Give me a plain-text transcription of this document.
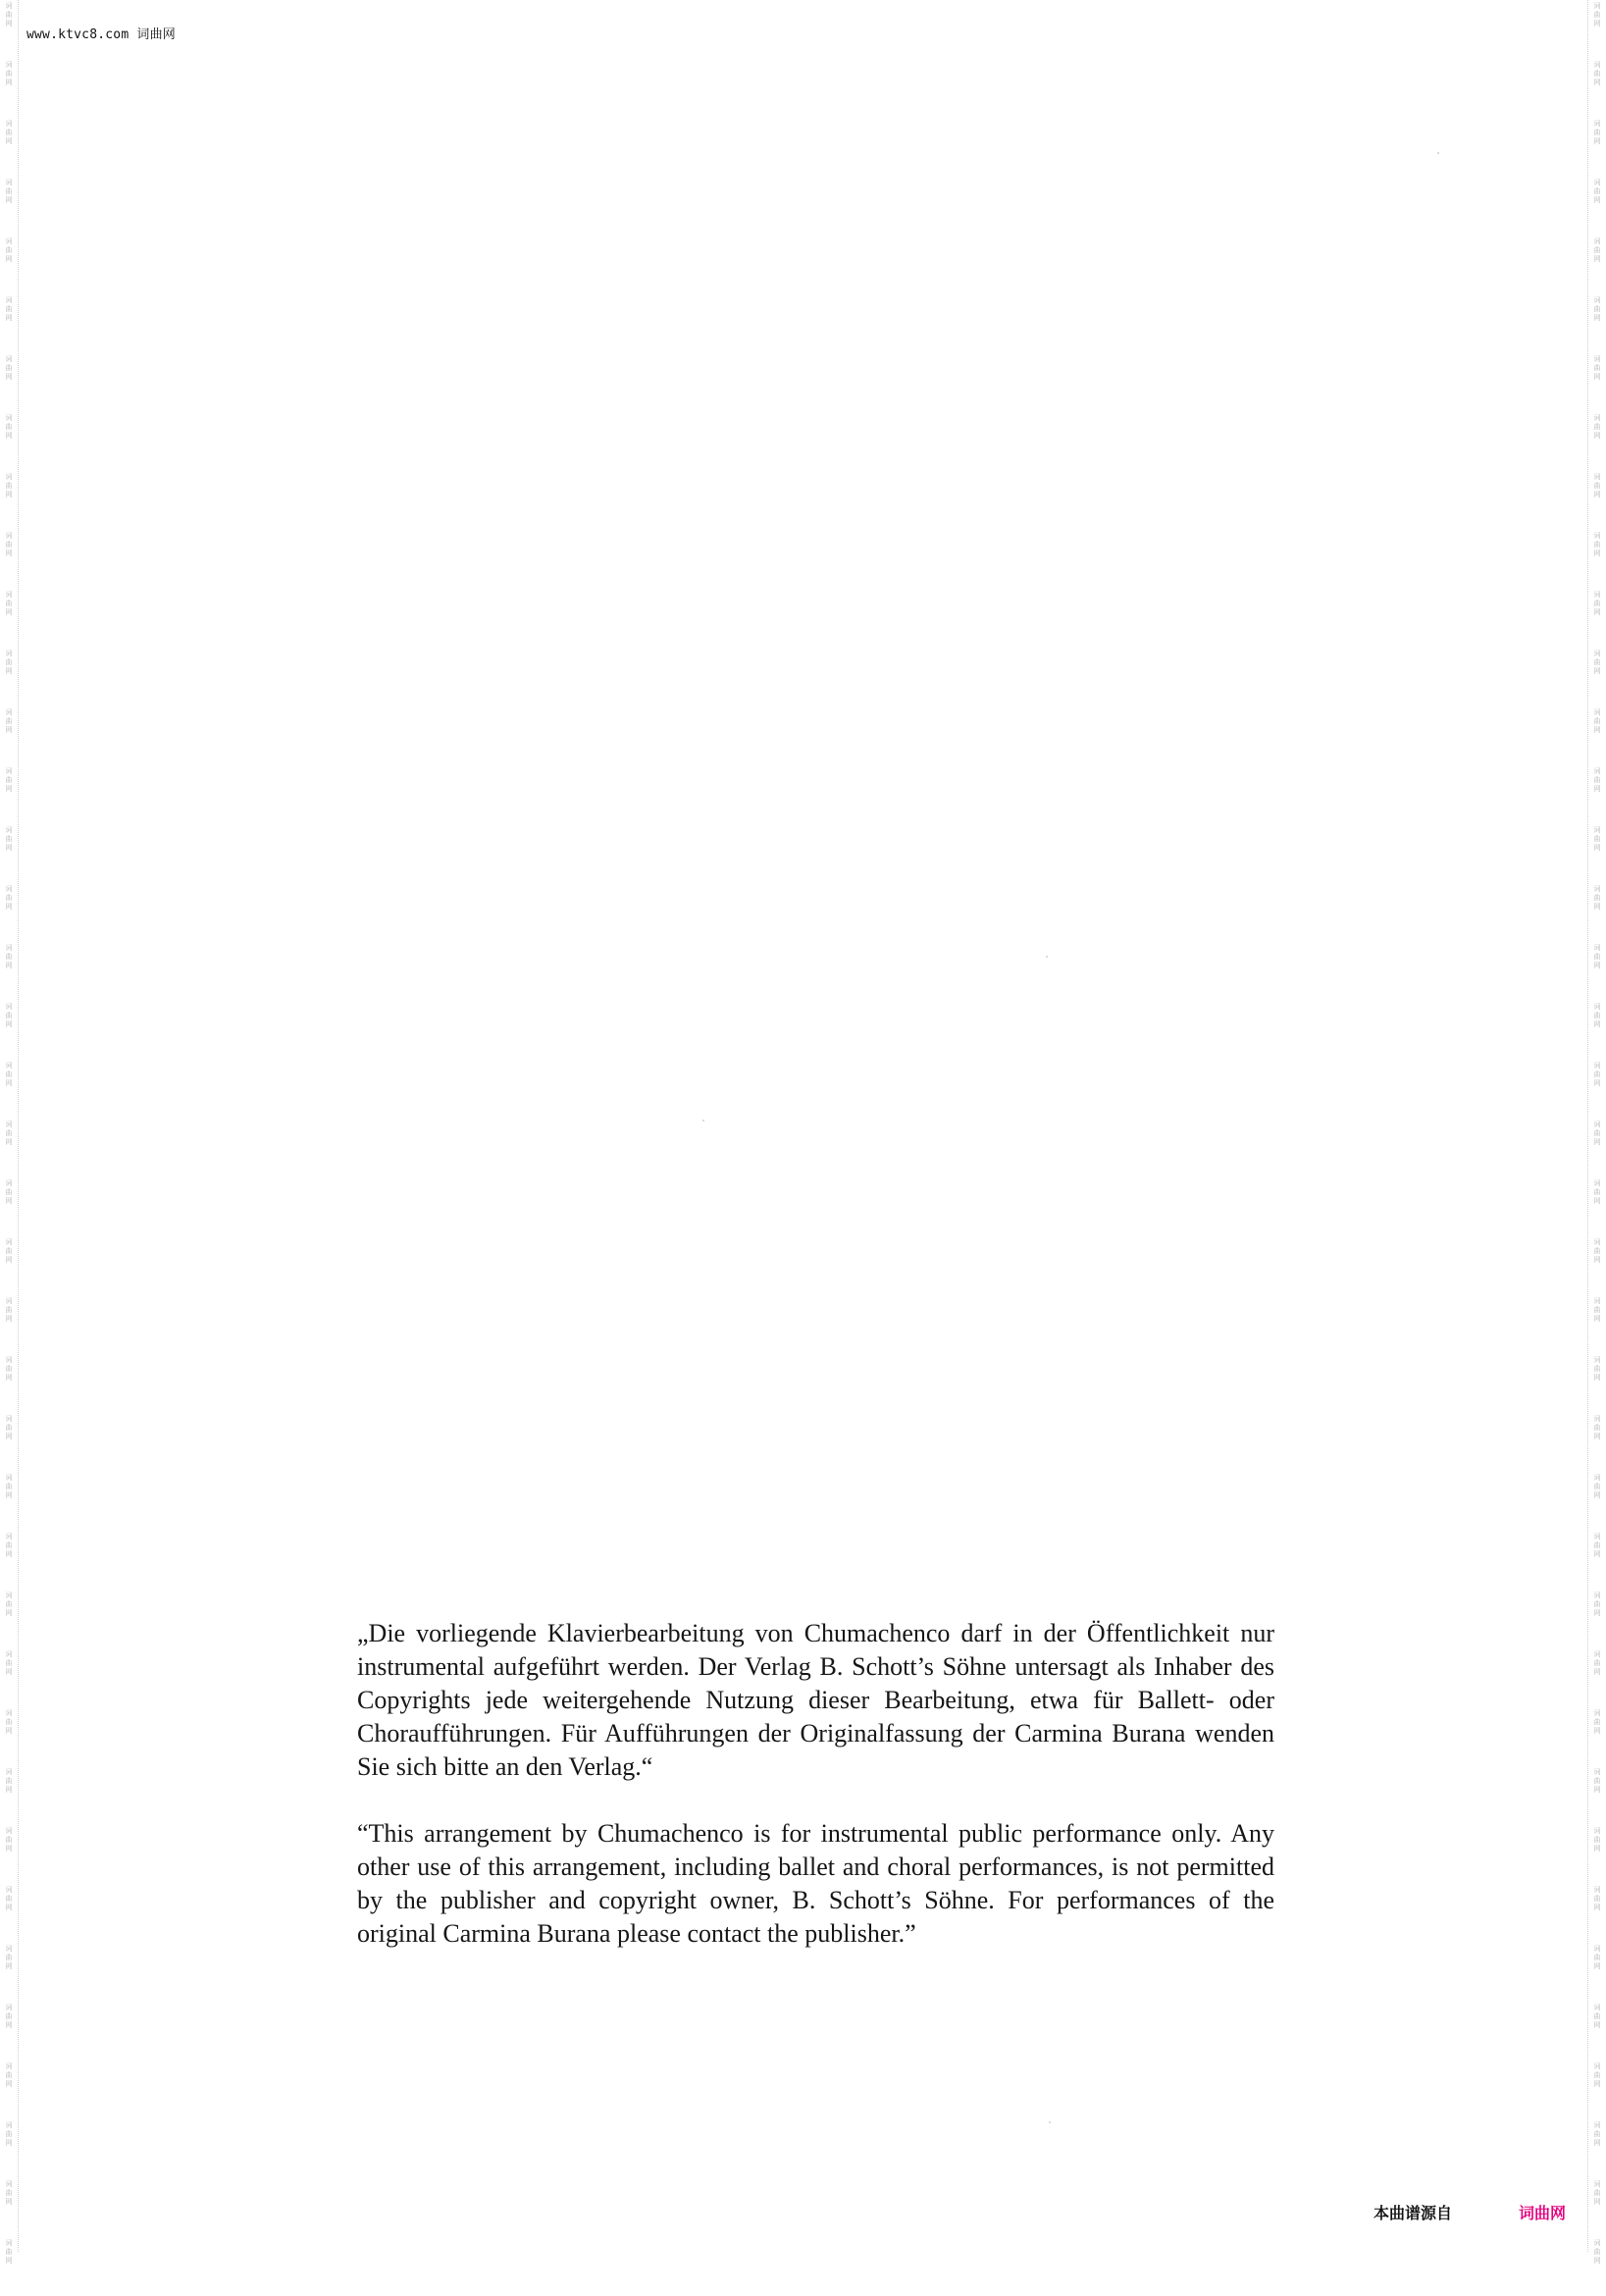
词
曲
网
词
曲
网
词
曲
网
词
曲
网
词
曲
网
词
曲
网
词
曲
网
词
曲
网
词
曲
网
词
曲
网
词
曲
网
词
曲
网
词
曲
网
词
曲
网
词
曲
网
词
曲
网
词
曲
网
词
曲
网
词
曲
网
词
曲
网
词
曲
网
词
曲
网
词
曲
网
词
曲
网
词
曲
网
词
曲
网
词
曲
网
词
曲
网
词
曲
网
词
曲
网
词
曲
网
词
曲
网
词
曲
网
词
曲
网
词
曲
网
词
曲
网
词
曲
网
词
曲
网
词
曲
网
词
曲
网
词
曲
网
词
曲
网
词
曲
网
词
曲
网
词
曲
网
词
曲
网
词
曲
网
词
曲
网
词
曲
网
词
曲
网
词
曲
网
词
曲
网
词
曲
网
词
曲
网
词
曲
网
词
曲
网
词
曲
网
词
曲
网
词
曲
网
词
曲
网
词
曲
网
词
曲
网
词
曲
网
词
曲
网
词
曲
网
词
曲
网
词
曲
网
词
曲
网
词
曲
网
词
曲
网
词
曲
网
词
曲
网
词
曲
网
词
曲
网
词
曲
网
词
曲
网
词
曲
网
词
曲
网
www.ktvc8.com 词曲网

„Die vorliegende Klavierbearbeitung von Chumachenco darf in der Öffentlichkeit nur instrumental aufgeführt werden. Der Verlag B. Schott’s Söhne untersagt als Inhaber des Copyrights jede weitergehende Nutzung dieser Bearbeitung, etwa für Ballett- oder Choraufführungen. Für Aufführungen der Originalfassung der Carmina Burana wenden Sie sich bitte an den Verlag.“

“This arrangement by Chumachenco is for instrumental public performance only. Any other use of this arrangement, including ballet and choral performances, is not permitted by the publisher and copyright owner, B. Schott’s Söhne. For performances of the original Carmina Burana please contact the publisher.”

本曲谱源自	词曲网
